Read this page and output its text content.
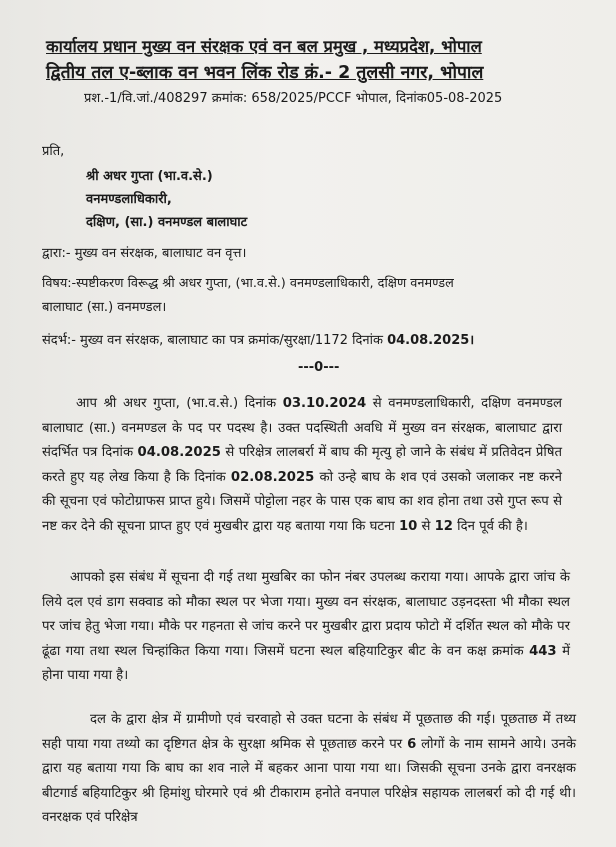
कार्यालय प्रधान मुख्य वन संरक्षक एवं वन बल प्रमुख , मध्यप्रदेश, भोपाल
द्वितीय तल ए-ब्लाक वन भवन लिंक रोड क्रं.- 2 तुलसी नगर, भोपाल
प्रश.-1/वि.जां./408297 क्रमांक: 658/2025/PCCF भोपाल, दिनांक05-08-2025
प्रति,
श्री अधर गुप्ता (भा.व.से.)
वनमण्डलाधिकारी,
दक्षिण, (सा.) वनमण्डल बालाघाट
द्वारा:- मुख्य वन संरक्षक, बालाघाट वन वृत्त।
विषय:-स्पष्टीकरण विरूद्ध श्री अधर गुप्ता, (भा.व.से.) वनमण्डलाधिकारी, दक्षिण वनमण्डल
बालाघाट (सा.) वनमण्डल।
संदर्भ:- मुख्य वन संरक्षक, बालाघाट का पत्र क्रमांक/सुरक्षा/1172 दिनांक 04.08.2025।
---0---
आप श्री अधर गुप्ता, (भा.व.से.) दिनांक 03.10.2024 से वनमण्डलाधिकारी, दक्षिण वनमण्डल बालाघाट (सा.) वनमण्डल के पद पर पदस्थ है। उक्त पदस्थिती अवधि में मुख्य वन संरक्षक, बालाघाट द्वारा संदर्भित पत्र दिनांक 04.08.2025 से परिक्षेत्र लालबर्रा में बाघ की मृत्यु हो जाने के संबंध में प्रतिवेदन प्रेषित करते हुए यह लेख किया है कि दिनांक 02.08.2025 को उन्हे बाघ के शव एवं उसको जलाकर नष्ट करने की सूचना एवं फोटोग्राफस प्राप्त हुये। जिसमें पोट्टोला नहर के पास एक बाघ का शव होना तथा उसे गुप्त रूप से नष्ट कर देने की सूचना प्राप्त हुए एवं मुखबीर द्वारा यह बताया गया कि घटना 10 से 12 दिन पूर्व की है।
आपको इस संबंध में सूचना दी गई तथा मुखबिर का फोन नंबर उपलब्ध कराया गया। आपके द्वारा जांच के लिये दल एवं डाग सक्वाड को मौका स्थल पर भेजा गया। मुख्य वन संरक्षक, बालाघाट उड़नदस्ता भी मौका स्थल पर जांच हेतु भेजा गया। मौके पर गहनता से जांच करने पर मुखबीर द्वारा प्रदाय फोटो में दर्शित स्थल को मौके पर ढूंढा गया तथा स्थल चिन्हांकित किया गया। जिसमें घटना स्थल बहियाटिकुर बीट के वन कक्ष क्रमांक 443 में होना पाया गया है।
दल के द्वारा क्षेत्र में ग्रामीणो एवं चरवाहो से उक्त घटना के संबंध में पूछताछ की गई। पूछताछ में तथ्य सही पाया गया तथ्यो का दृष्टिगत क्षेत्र के सुरक्षा श्रमिक से पूछताछ करने पर 6 लोगों के नाम सामने आये। उनके द्वारा यह बताया गया कि बाघ का शव नाले में बहकर आना पाया गया था। जिसकी सूचना उनके द्वारा वनरक्षक बीटगार्ड बहियाटिकुर श्री हिमांशु घोरमारे एवं श्री टीकाराम हनोते वनपाल परिक्षेत्र सहायक लालबर्रा को दी गई थी। वनरक्षक एवं परिक्षेत्र
